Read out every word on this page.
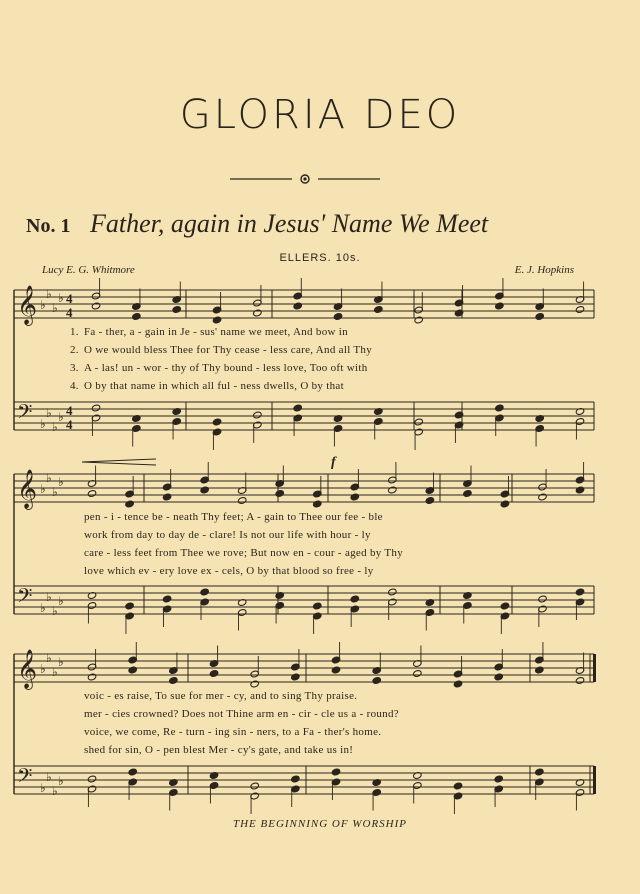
GLORIA DEO
No. 1 Father, again in Jesus' Name We Meet
ELLERS. 10s.
Lucy E. G. Whitmore	E. J. Hopkins
f
𝄞 ♭
♭
♭
♭ 4
4
𝄢 ♭
♭
♭
♭ 4
4
𝄞 ♭
♭
♭
♭
𝄢 ♭
♭
♭
♭
𝄞 ♭
♭
♭
♭
𝄢 ♭
♭
♭
♭
1. Fa - ther, a - gain in Je - sus' name we meet, And bow in
2. O we would bless Thee for Thy cease - less care, And all Thy
3. A - las! un - wor - thy of Thy bound - less love, Too oft with
4. O by that name in which all ful - ness dwells, O by that
pen - i - tence be - neath Thy feet; A - gain to Thee our fee - ble
work from day to day de - clare! Is not our life with hour - ly
care - less feet from Thee we rove; But now en - cour - aged by Thy
love which ev - ery love ex - cels, O by that blood so free - ly
voic - es raise, To sue for mer - cy, and to sing Thy praise.
mer - cies crowned? Does not Thine arm en - cir - cle us a - round?
voice, we come, Re - turn - ing sin - ners, to a Fa - ther's home.
shed for sin, O - pen blest Mer - cy's gate, and take us in!
THE BEGINNING OF WORSHIP
